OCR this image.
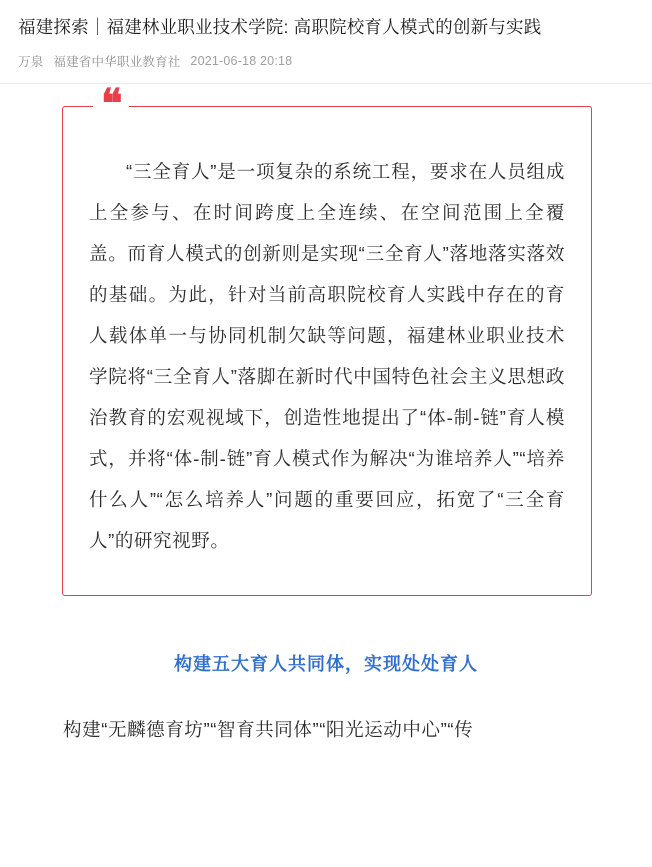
福建探索｜福建林业职业技术学院: 高职院校育人模式的创新与实践
万泉 福建省中华职业教育社 2021-06-18 20:18
❝
“三全育人”是一项复杂的系统工程，要求在人员组成上全参与、在时间跨度上全连续、在空间范围上全覆盖。而育人模式的创新则是实现“三全育人”落地落实落效的基础。为此，针对当前高职院校育人实践中存在的育人载体单一与协同机制欠缺等问题，福建林业职业技术学院将“三全育人”落脚在新时代中国特色社会主义思想政治教育的宏观视域下，创造性地提出了“体-制-链”育人模式，并将“体-制-链”育人模式作为解决“为谁培养人”“培养什么人”“怎么培养人”问题的重要回应，拓宽了“三全育人”的研究视野。
构建五大育人共同体，实现处处育人
构建“无麟德育坊”“智育共同体”“阳光运动中心”“传
